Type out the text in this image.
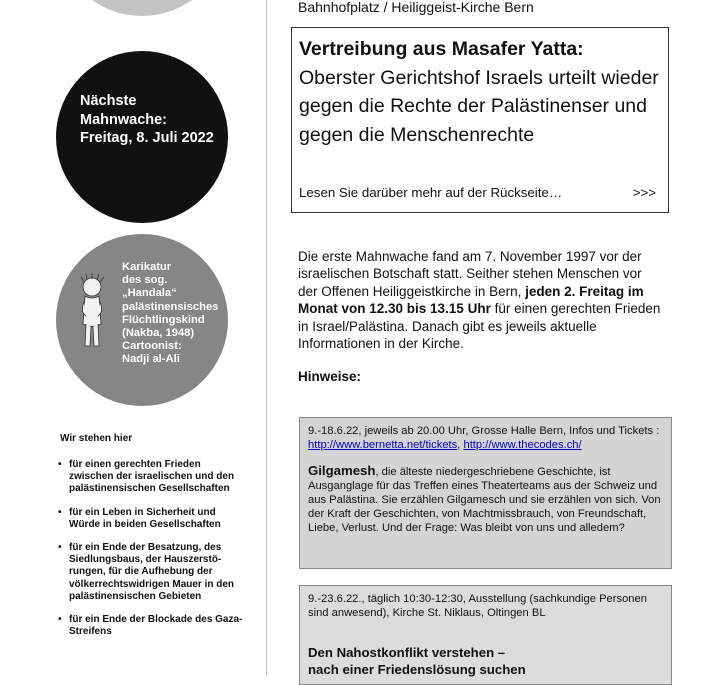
Nächste
Mahnwache:
Freitag, 8. Juli 2022
Karikatur
des sog.
„Handala“
palästinensisches
Flüchtlingskind
(Nakba, 1948)
Cartoonist:
Nadji al-Ali
Wir stehen hier
• für einen gerechten Frieden zwischen der israelischen und den palästinensischen Gesellschaften
• für ein Leben in Sicherheit und Würde in beiden Gesellschaften
• für ein Ende der Besatzung, des Siedlungsbaus, der Hauszerstörungen, für die Aufhebung der völkerrechtswidrigen Mauer in den palästinensischen Gebieten
• für ein Ende der Blockade des Gaza-Streifens
Bahnhofplatz / Heiliggeist-Kirche Bern
Vertreibung aus Masafer Yatta:
Oberster Gerichtshof Israels urteilt wieder gegen die Rechte der Palästinenser und gegen die Menschenrechte
Lesen Sie darüber mehr auf der Rückseite…	>>>
Die erste Mahnwache fand am 7. November 1997 vor der israelischen Botschaft statt. Seither stehen Menschen vor der Offenen Heiliggeistkirche in Bern, jeden 2. Freitag im Monat von 12.30 bis 13.15 Uhr für einen gerechten Frieden in Israel/Palästina. Danach gibt es jeweils aktuelle Informationen in der Kirche.
Hinweise:
9.-18.6.22, jeweils ab 20.00 Uhr, Grosse Halle Bern, Infos und Tickets : http://www.bernetta.net/tickets, http://www.thecodes.ch/
Gilgamesh, die älteste niedergeschriebene Geschichte, ist Ausganglage für das Treffen eines Theaterteams aus der Schweiz und aus Palästina. Sie erzählen Gilgamesch und sie erzählen von sich. Von der Kraft der Geschichten, von Machtmissbrauch, von Freundschaft, Liebe, Verlust. Und der Frage: Was bleibt von uns und alledem?
9.-23.6.22., täglich 10:30-12:30, Ausstellung (sachkundige Personen sind anwesend), Kirche St. Niklaus, Oltingen BL
Den Nahostkonflikt verstehen –
nach einer Friedenslösung suchen
